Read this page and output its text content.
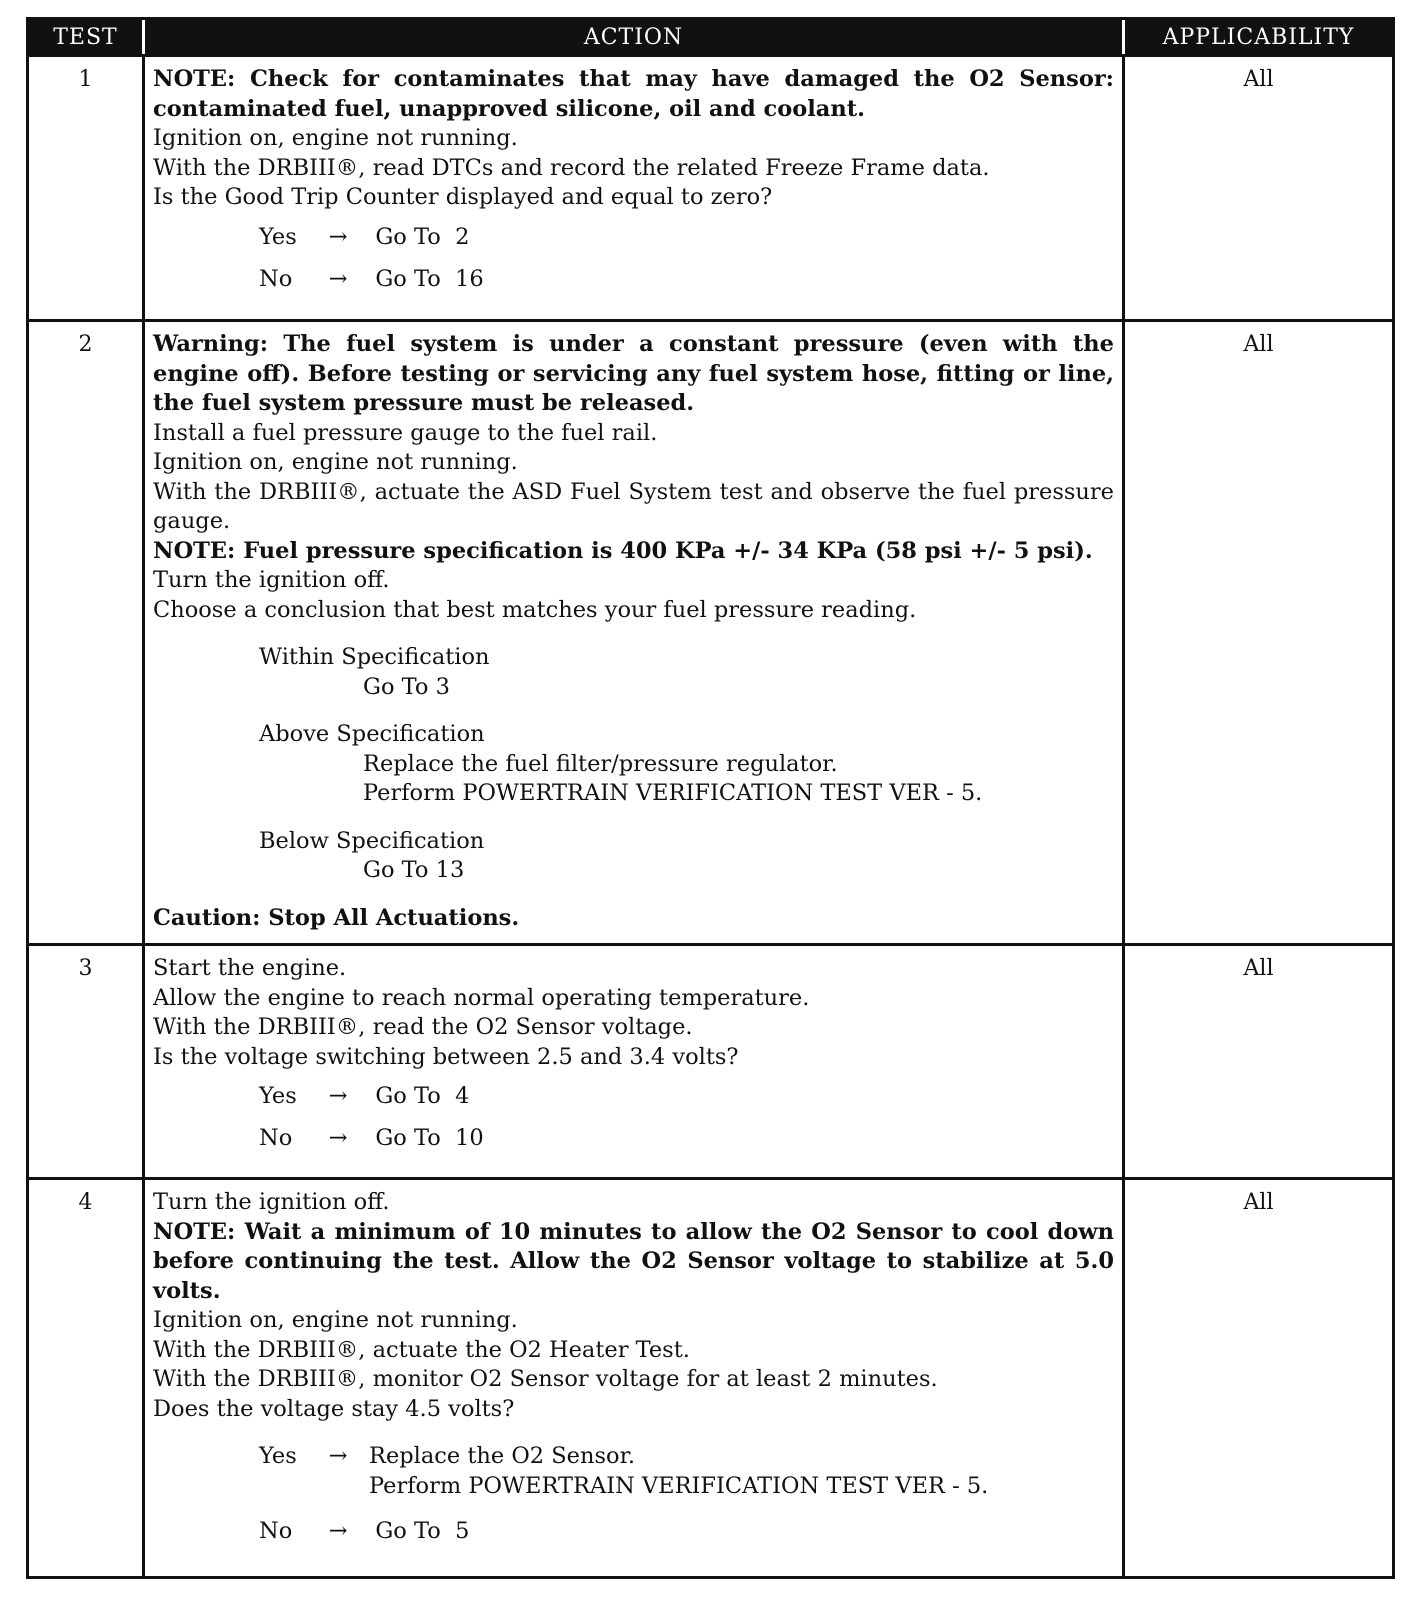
TEST	ACTION	APPLICABILITY
1	NOTE: Check for contaminates that may have damaged the O2 Sensor: contaminated fuel, unapproved silicone, oil and coolant.
Ignition on, engine not running.
With the DRBIII®, read DTCs and record the related Freeze Frame data.
Is the Good Trip Counter displayed and equal to zero?
Yes → Go To  2
No → Go To  16
All
2	Warning: The fuel system is under a constant pressure (even with the engine off). Before testing or servicing any fuel system hose, fitting or line, the fuel system pressure must be released.
Install a fuel pressure gauge to the fuel rail.
Ignition on, engine not running.
With the DRBIII®, actuate the ASD Fuel System test and observe the fuel pressure gauge.
NOTE: Fuel pressure specification is 400 KPa +/- 34 KPa (58 psi +/- 5 psi).
Turn the ignition off.
Choose a conclusion that best matches your fuel pressure reading.
Within Specification
Go To 3
Above Specification
Replace the fuel filter/pressure regulator.
Perform POWERTRAIN VERIFICATION TEST VER - 5.
Below Specification
Go To 13
Caution: Stop All Actuations.
All
3	Start the engine.
Allow the engine to reach normal operating temperature.
With the DRBIII®, read the O2 Sensor voltage.
Is the voltage switching between 2.5 and 3.4 volts?
Yes → Go To  4
No → Go To  10
All
4	Turn the ignition off.
NOTE: Wait a minimum of 10 minutes to allow the O2 Sensor to cool down before continuing the test. Allow the O2 Sensor voltage to stabilize at 5.0 volts.
Ignition on, engine not running.
With the DRBIII®, actuate the O2 Heater Test.
With the DRBIII®, monitor O2 Sensor voltage for at least 2 minutes.
Does the voltage stay 4.5 volts?
Yes	→ Replace the O2 Sensor.
Perform POWERTRAIN VERIFICATION TEST VER - 5.
No → Go To  5
All
